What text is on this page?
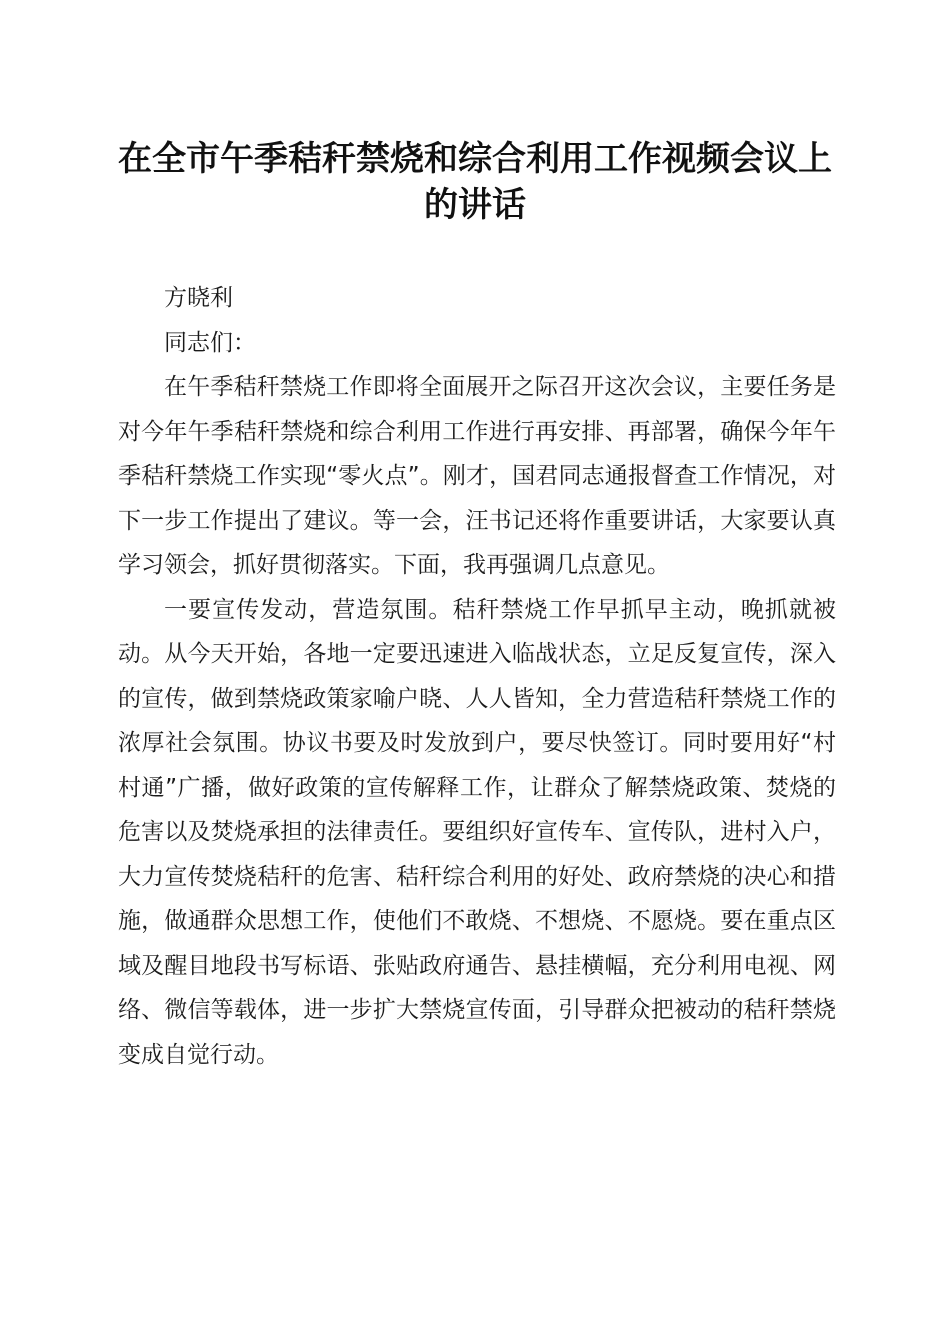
在全市午季秸秆禁烧和综合利用工作视频会议上的讲话

方晓利

同志们：

在午季秸秆禁烧工作即将全面展开之际召开这次会议，主要任务是对今年午季秸秆禁烧和综合利用工作进行再安排、再部署，确保今年午季秸秆禁烧工作实现“零火点”。刚才，国君同志通报督查工作情况，对下一步工作提出了建议。等一会，汪书记还将作重要讲话，大家要认真学习领会，抓好贯彻落实。下面，我再强调几点意见。

一要宣传发动，营造氛围。秸秆禁烧工作早抓早主动，晚抓就被动。从今天开始，各地一定要迅速进入临战状态，立足反复宣传，深入的宣传，做到禁烧政策家喻户晓、人人皆知，全力营造秸秆禁烧工作的浓厚社会氛围。协议书要及时发放到户，要尽快签订。同时要用好“村村通”广播，做好政策的宣传解释工作，让群众了解禁烧政策、焚烧的危害以及焚烧承担的法律责任。要组织好宣传车、宣传队，进村入户，大力宣传焚烧秸秆的危害、秸秆综合利用的好处、政府禁烧的决心和措施，做通群众思想工作，使他们不敢烧、不想烧、不愿烧。要在重点区域及醒目地段书写标语、张贴政府通告、悬挂横幅，充分利用电视、网络、微信等载体，进一步扩大禁烧宣传面，引导群众把被动的秸秆禁烧变成自觉行动。
